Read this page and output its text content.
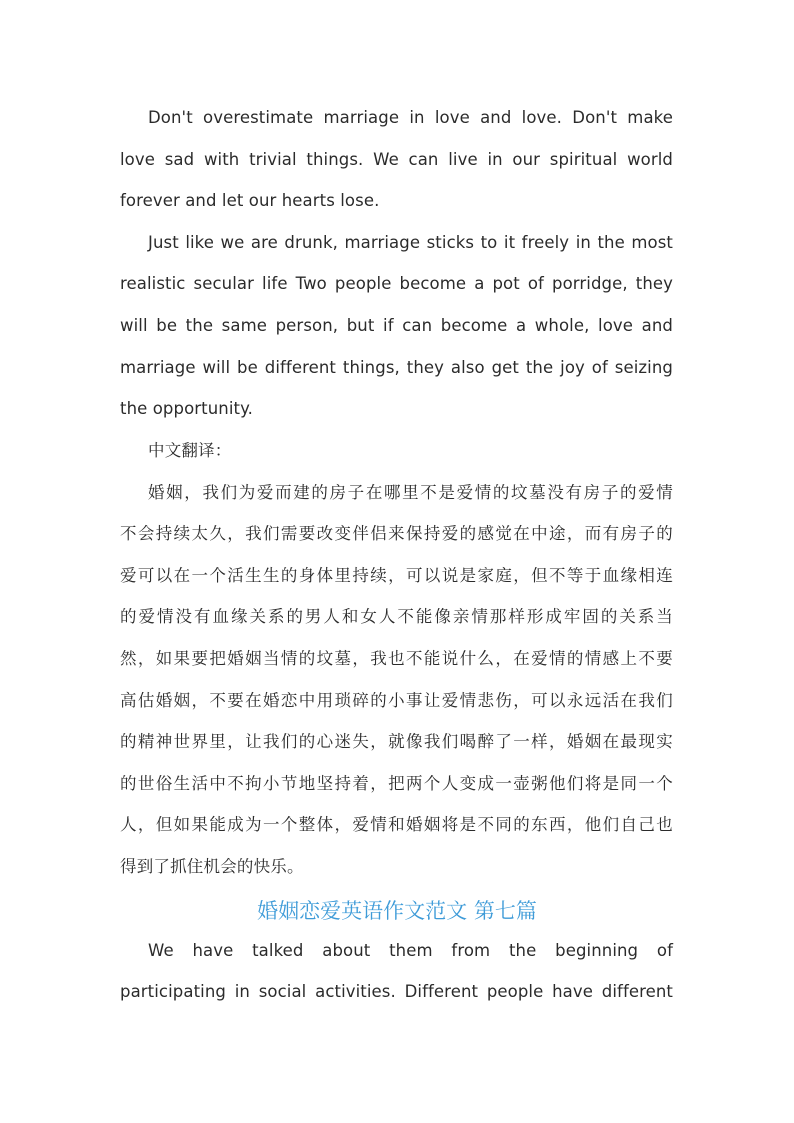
Don't overestimate marriage in love and love. Don't make
love sad with trivial things. We can live in our spiritual world
forever and let our hearts lose.
Just like we are drunk, marriage sticks to it freely in the most
realistic secular life Two people become a pot of porridge, they
will be the same person, but if can become a whole, love and
marriage will be different things, they also get the joy of seizing
the opportunity.
中文翻译：
婚姻，我们为爱而建的房子在哪里不是爱情的坟墓没有房子的爱情
不会持续太久，我们需要改变伴侣来保持爱的感觉在中途，而有房子的
爱可以在一个活生生的身体里持续，可以说是家庭，但不等于血缘相连
的爱情没有血缘关系的男人和女人不能像亲情那样形成牢固的关系当
然，如果要把婚姻当情的坟墓，我也不能说什么，在爱情的情感上不要
高估婚姻，不要在婚恋中用琐碎的小事让爱情悲伤，可以永远活在我们
的精神世界里，让我们的心迷失，就像我们喝醉了一样，婚姻在最现实
的世俗生活中不拘小节地坚持着，把两个人变成一壶粥他们将是同一个
人，但如果能成为一个整体，爱情和婚姻将是不同的东西，他们自己也
得到了抓住机会的快乐。
婚姻恋爱英语作文范文 第七篇
We have talked about them from the beginning of
participating in social activities. Different people have different
